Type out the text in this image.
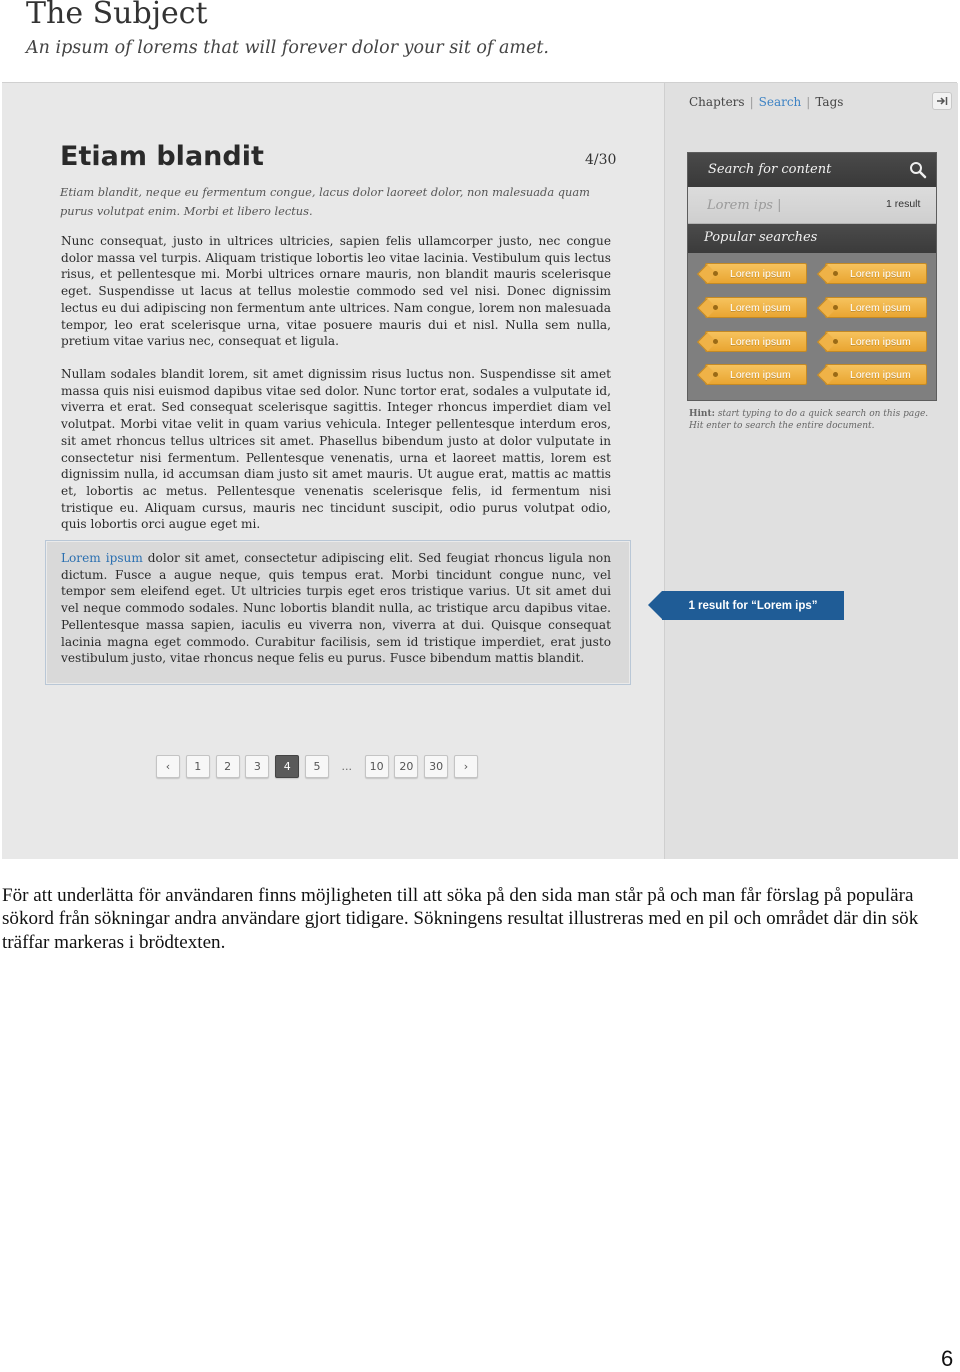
The Subject
An ipsum of lorems that will forever dolor your sit of amet.
Etiam blandit	4/30
Etiam blandit, neque eu fermentum congue, lacus dolor laoreet dolor, non malesuada quam purus volutpat enim. Morbi et libero lectus.
Nunc consequat, justo in ultrices ultricies, sapien felis ullamcorper justo, nec congue dolor massa vel turpis. Aliquam tristique lobortis leo vitae lacinia. Vestibulum quis lectus risus, et pellentesque mi. Morbi ultrices ornare mauris, non blandit mauris scelerisque eget. Suspendisse ut lacus at tellus molestie commodo sed vel nisi. Donec dignissim lectus eu dui adipiscing non fermentum ante ultrices. Nam congue, lorem non malesuada tempor, leo erat scelerisque urna, vitae posuere mauris dui et nisl. Nulla sem nulla, pretium vitae varius nec, consequat et ligula.
Nullam sodales blandit lorem, sit amet dignissim risus luctus non. Suspendisse sit amet massa quis nisi euismod dapibus vitae sed dolor. Nunc tortor erat, sodales a vulputate id, viverra et erat. Sed consequat scelerisque sagittis. Integer rhoncus imperdiet diam vel volutpat. Morbi vitae velit in quam varius vehicula. Integer pellentesque interdum eros, sit amet rhoncus tellus ultrices sit amet. Phasellus bibendum justo at dolor vulputate in consectetur nisi fermentum. Pellentesque venenatis, urna et laoreet mattis, lorem est dignissim nulla, id accumsan diam justo sit amet mauris. Ut augue erat, mattis ac mattis et, lobortis ac metus. Pellentesque venenatis scelerisque felis, id fermentum nisi tristique eu. Aliquam cursus, mauris nec tincidunt suscipit, odio purus volutpat odio, quis lobortis orci augue eget mi.
Lorem ipsum dolor sit amet, consectetur adipiscing elit. Sed feugiat rhoncus ligula non dictum. Fusce a augue neque, quis tempus erat. Morbi tincidunt congue nunc, vel tempor sem eleifend eget. Ut ultricies turpis eget eros tristique varius. Ut sit amet dui vel neque commodo sodales. Nunc lobortis blandit nulla, ac tristique arcu dapibus vitae. Pellentesque massa sapien, iaculis eu viverra non, viverra at dui. Quisque consequat lacinia magna eget commodo. Curabitur facilisis, sem id tristique imperdiet, erat justo vestibulum justo, vitae rhoncus neque felis eu purus. Fusce bibendum mattis blandit.
‹	1	2	3	4	5	...	10	20	30	›
Chapters | Search | Tags
Search for content
Lorem ips |
1 result
Popular searches
Lorem ipsum	Lorem ipsum
Lorem ipsum	Lorem ipsum
Lorem ipsum	Lorem ipsum
Lorem ipsum	Lorem ipsum
Hint: start typing to do a quick search on this page. Hit enter to search the entire document.
1 result for “Lorem ips”
För att underlätta för användaren finns möjligheten till att söka på den sida man står på och man får förslag på populära sökord från sökningar andra användare gjort tidigare. Sökningens resultat illustreras med en pil och området där din sök träffar markeras i brödtexten.
6
